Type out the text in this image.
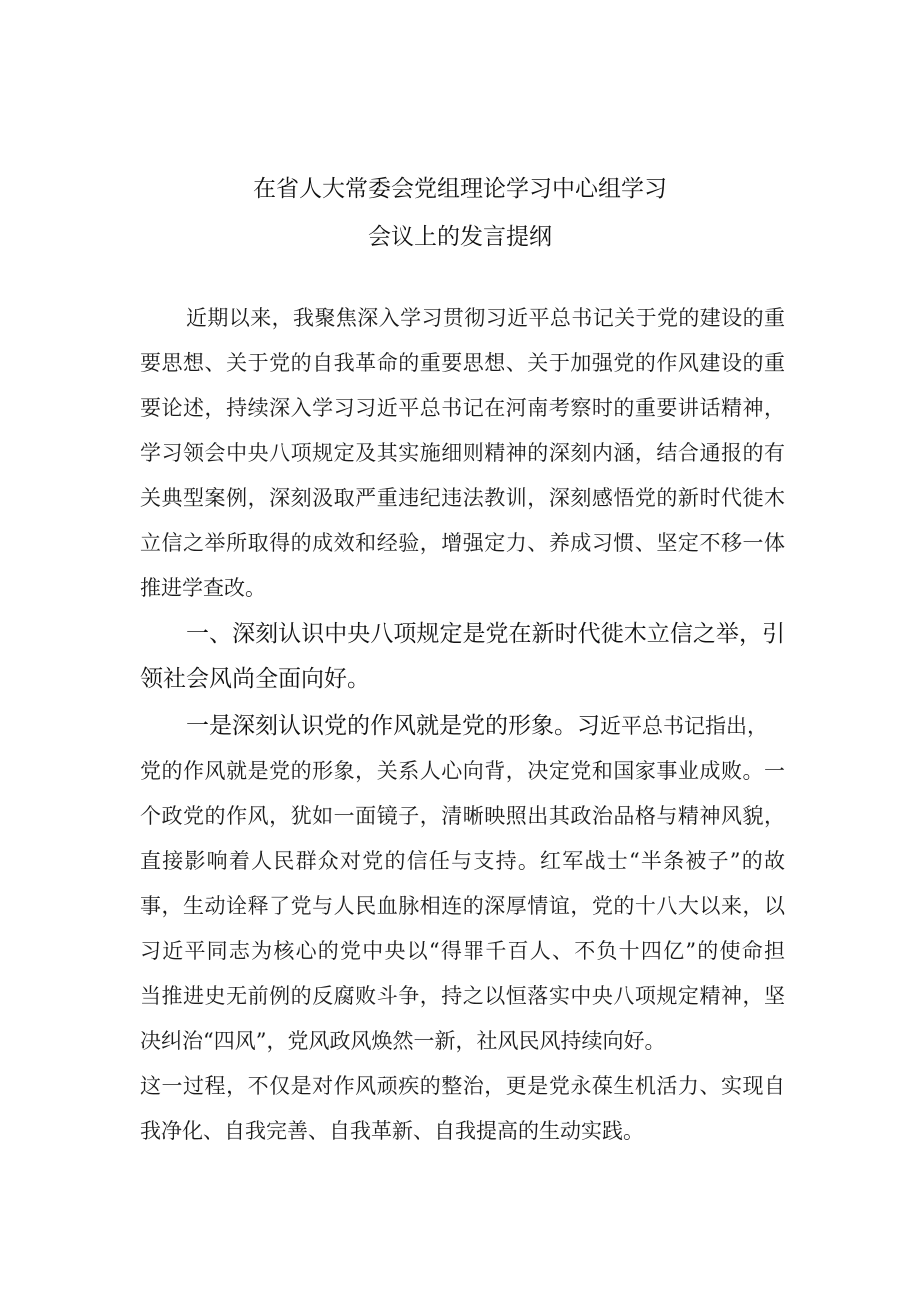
在省人大常委会党组理论学习中心组学习
会议上的发言提纲
近期以来，我聚焦深入学习贯彻习近平总书记关于党的建设的重
要思想、关于党的自我革命的重要思想、关于加强党的作风建设的重
要论述，持续深入学习习近平总书记在河南考察时的重要讲话精神，
学习领会中央八项规定及其实施细则精神的深刻内涵，结合通报的有
关典型案例，深刻汲取严重违纪违法教训，深刻感悟党的新时代徙木
立信之举所取得的成效和经验，增强定力、养成习惯、坚定不移一体
推进学查改。
一、深刻认识中央八项规定是党在新时代徙木立信之举，引
领社会风尚全面向好。
一是深刻认识党的作风就是党的形象。习近平总书记指出，
党的作风就是党的形象，关系人心向背，决定党和国家事业成败。一
个政党的作风，犹如一面镜子，清晰映照出其政治品格与精神风貌，
直接影响着人民群众对党的信任与支持。红军战士“半条被子”的故
事，生动诠释了党与人民血脉相连的深厚情谊，党的十八大以来，以
习近平同志为核心的党中央以“得罪千百人、不负十四亿”的使命担
当推进史无前例的反腐败斗争，持之以恒落实中央八项规定精神，坚
决纠治“四风”，党风政风焕然一新，社风民风持续向好。
这一过程，不仅是对作风顽疾的整治，更是党永葆生机活力、实现自
我净化、自我完善、自我革新、自我提高的生动实践。
